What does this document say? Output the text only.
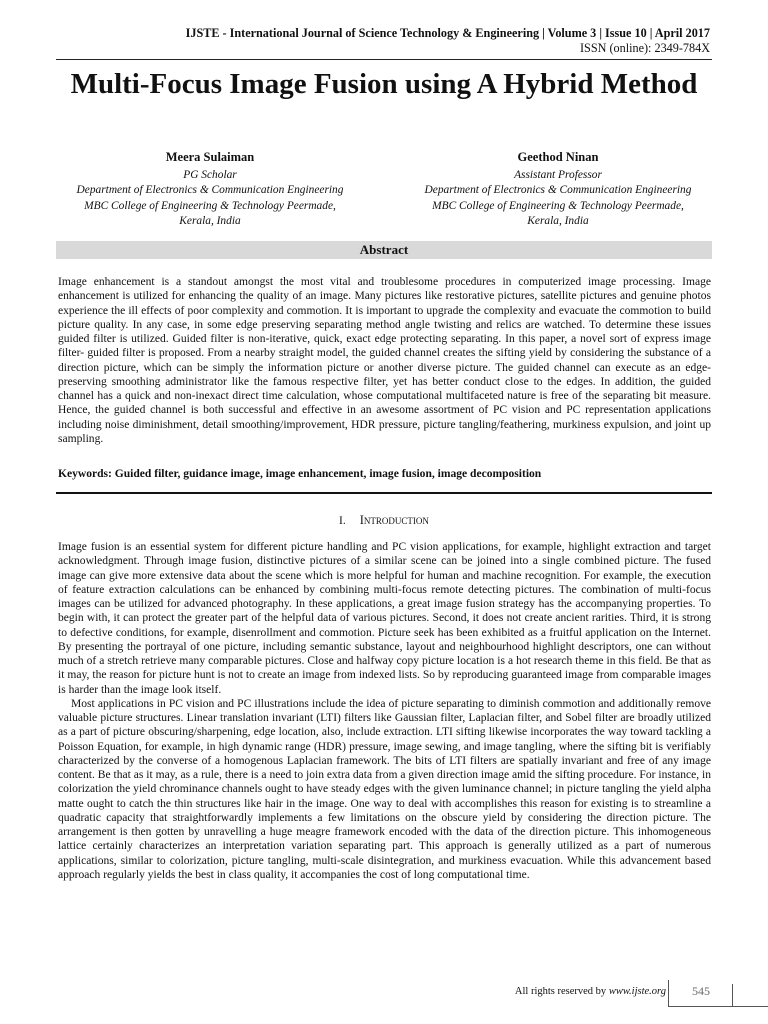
IJSTE - International Journal of Science Technology & Engineering | Volume 3 | Issue 10 | April 2017
ISSN (online): 2349-784X
Multi-Focus Image Fusion using A Hybrid Method
Meera Sulaiman
PG Scholar
Department of Electronics & Communication Engineering
MBC College of Engineering & Technology Peermade,
Kerala, India
Geethod Ninan
Assistant Professor
Department of Electronics & Communication Engineering
MBC College of Engineering & Technology Peermade,
Kerala, India
Abstract
Image enhancement is a standout amongst the most vital and troublesome procedures in computerized image processing. Image enhancement is utilized for enhancing the quality of an image. Many pictures like restorative pictures, satellite pictures and genuine photos experience the ill effects of poor complexity and commotion. It is important to upgrade the complexity and evacuate the commotion to build picture quality. In any case, in some edge preserving separating method angle twisting and relics are watched. To determine these issues guided filter is utilized. Guided filter is non-iterative, quick, exact edge protecting separating. In this paper, a novel sort of express image filter- guided filter is proposed. From a nearby straight model, the guided channel creates the sifting yield by considering the substance of a direction picture, which can be simply the information picture or another diverse picture. The guided channel can execute as an edge-preserving smoothing administrator like the famous respective filter, yet has better conduct close to the edges. In addition, the guided channel has a quick and non-inexact direct time calculation, whose computational multifaceted nature is free of the separating bit measure. Hence, the guided channel is both successful and effective in an awesome assortment of PC vision and PC representation applications including noise diminishment, detail smoothing/improvement, HDR pressure, picture tangling/feathering, murkiness expulsion, and joint up sampling.
Keywords: Guided filter, guidance image, image enhancement, image fusion, image decomposition
I. Introduction

Image fusion is an essential system for different picture handling and PC vision applications, for example, highlight extraction and target acknowledgment. Through image fusion, distinctive pictures of a similar scene can be joined into a single combined picture. The fused image can give more extensive data about the scene which is more helpful for human and machine recognition. For example, the execution of feature extraction calculations can be enhanced by combining multi-focus remote detecting pictures. The combination of multi-focus images can be utilized for advanced photography. In these applications, a great image fusion strategy has the accompanying properties. To begin with, it can protect the greater part of the helpful data of various pictures. Second, it does not create ancient rarities. Third, it is strong to defective conditions, for example, disenrollment and commotion. Picture seek has been exhibited as a fruitful application on the Internet. By presenting the portrayal of one picture, including semantic substance, layout and neighbourhood highlight descriptors, one can without much of a stretch retrieve many comparable pictures. Close and halfway copy picture location is a hot research theme in this field. Be that as it may, the reason for picture hunt is not to create an image from indexed lists. So by reproducing guaranteed image from comparable images is harder than the image look itself.

Most applications in PC vision and PC illustrations include the idea of picture separating to diminish commotion and additionally remove valuable picture structures. Linear translation invariant (LTI) filters like Gaussian filter, Laplacian filter, and Sobel filter are broadly utilized as a part of picture obscuring/sharpening, edge location, also, include extraction. LTI sifting likewise incorporates the way toward tackling a Poisson Equation, for example, in high dynamic range (HDR) pressure, image sewing, and image tangling, where the sifting bit is verifiably characterized by the converse of a homogenous Laplacian framework. The bits of LTI filters are spatially invariant and free of any image content. Be that as it may, as a rule, there is a need to join extra data from a given direction image amid the sifting procedure. For instance, in colorization the yield chrominance channels ought to have steady edges with the given luminance channel; in picture tangling the yield alpha matte ought to catch the thin structures like hair in the image. One way to deal with accomplishes this reason for existing is to streamline a quadratic capacity that straightforwardly implements a few limitations on the obscure yield by considering the direction picture. The arrangement is then gotten by unravelling a huge meagre framework encoded with the data of the direction picture. This inhomogeneous lattice certainly characterizes an interpretation variation separating part. This approach is generally utilized as a part of numerous applications, similar to colorization, picture tangling, multi-scale disintegration, and murkiness evacuation. While this advancement based approach regularly yields the best in class quality, it accompanies the cost of long computational time.

All rights reserved by www.ijste.org 545
